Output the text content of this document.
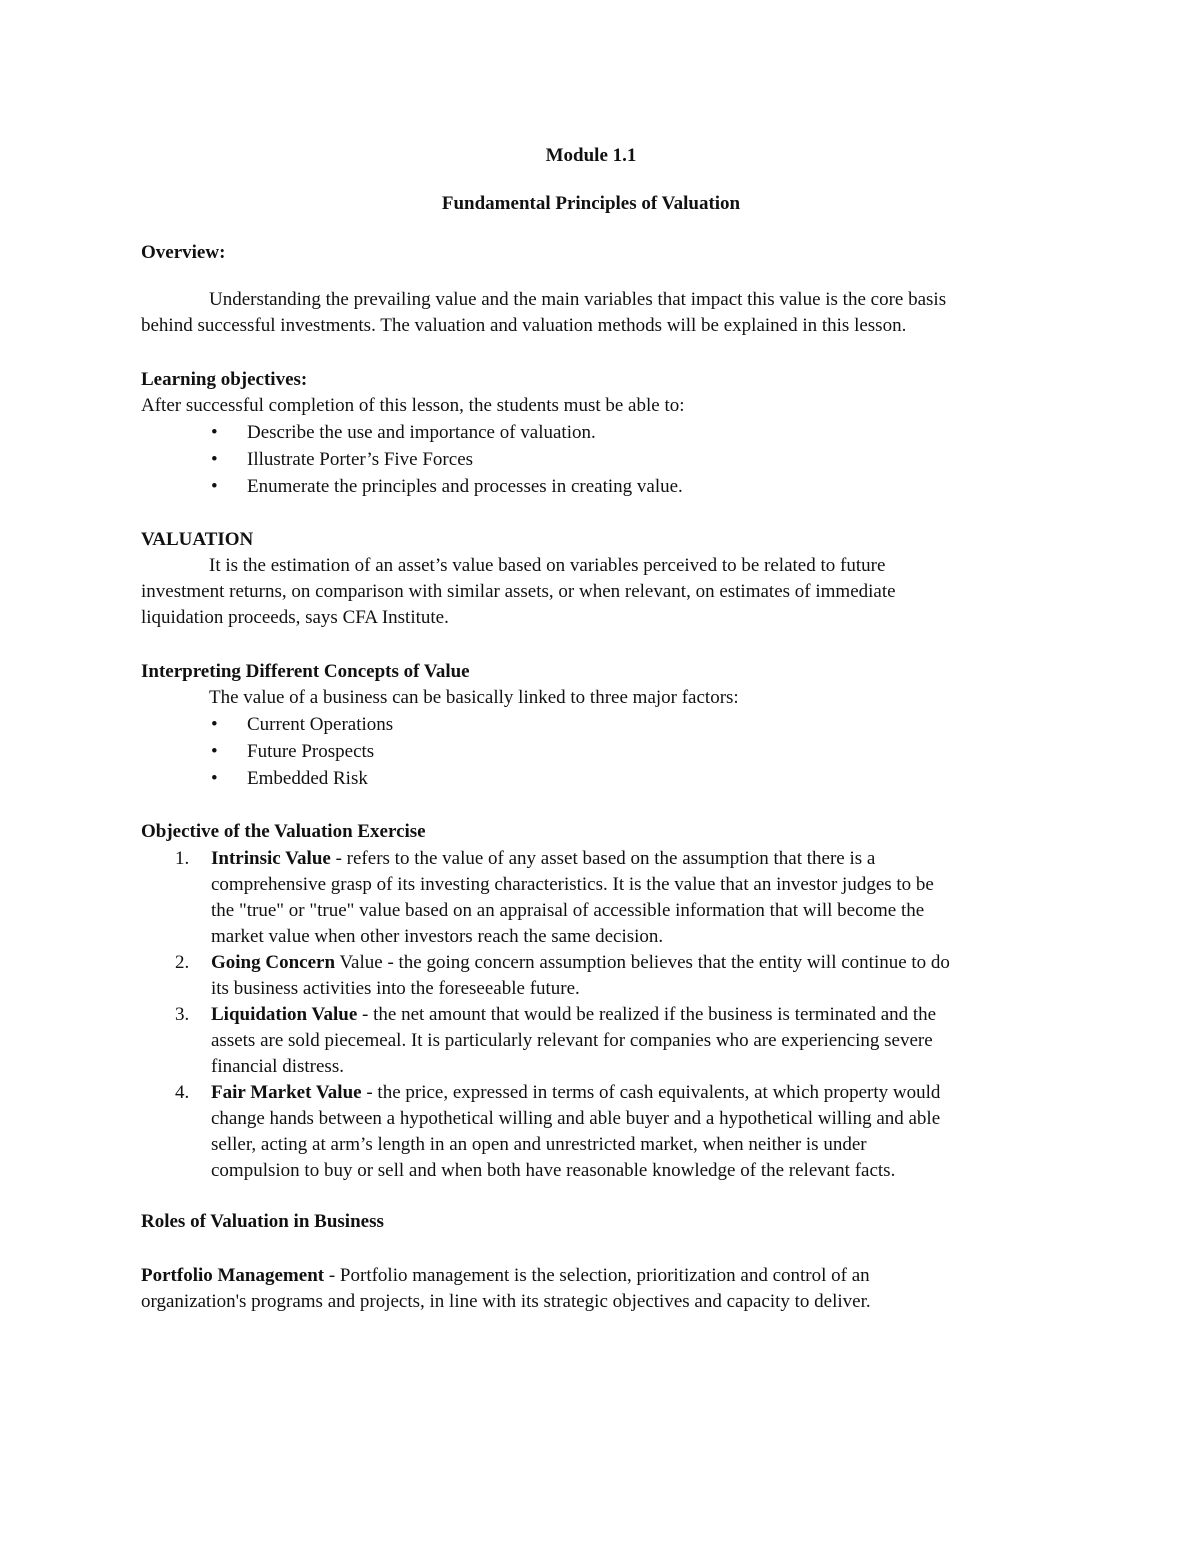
Module 1.1
Fundamental Principles of Valuation
Overview:
Understanding the prevailing value and the main variables that impact this value is the core basis
behind successful investments. The valuation and valuation methods will be explained in this lesson.
Learning objectives:
After successful completion of this lesson, the students must be able to:
•	Describe the use and importance of valuation.
•	Illustrate Porter’s Five Forces
•	Enumerate the principles and processes in creating value.
VALUATION
It is the estimation of an asset’s value based on variables perceived to be related to future
investment returns, on comparison with similar assets, or when relevant, on estimates of immediate
liquidation proceeds, says CFA Institute.
Interpreting Different Concepts of Value
The value of a business can be basically linked to three major factors:
•	Current Operations
•	Future Prospects
•	Embedded Risk
Objective of the Valuation Exercise
1.	Intrinsic Value - refers to the value of any asset based on the assumption that there is a
comprehensive grasp of its investing characteristics. It is the value that an investor judges to be
the "true" or "true" value based on an appraisal of accessible information that will become the
market value when other investors reach the same decision.
2.	Going Concern Value - the going concern assumption believes that the entity will continue to do
its business activities into the foreseeable future.
3.	Liquidation Value - the net amount that would be realized if the business is terminated and the
assets are sold piecemeal. It is particularly relevant for companies who are experiencing severe
financial distress.
4.	Fair Market Value - the price, expressed in terms of cash equivalents, at which property would
change hands between a hypothetical willing and able buyer and a hypothetical willing and able
seller, acting at arm’s length in an open and unrestricted market, when neither is under
compulsion to buy or sell and when both have reasonable knowledge of the relevant facts.
Roles of Valuation in Business
Portfolio Management - Portfolio management is the selection, prioritization and control of an
organization's programs and projects, in line with its strategic objectives and capacity to deliver.
